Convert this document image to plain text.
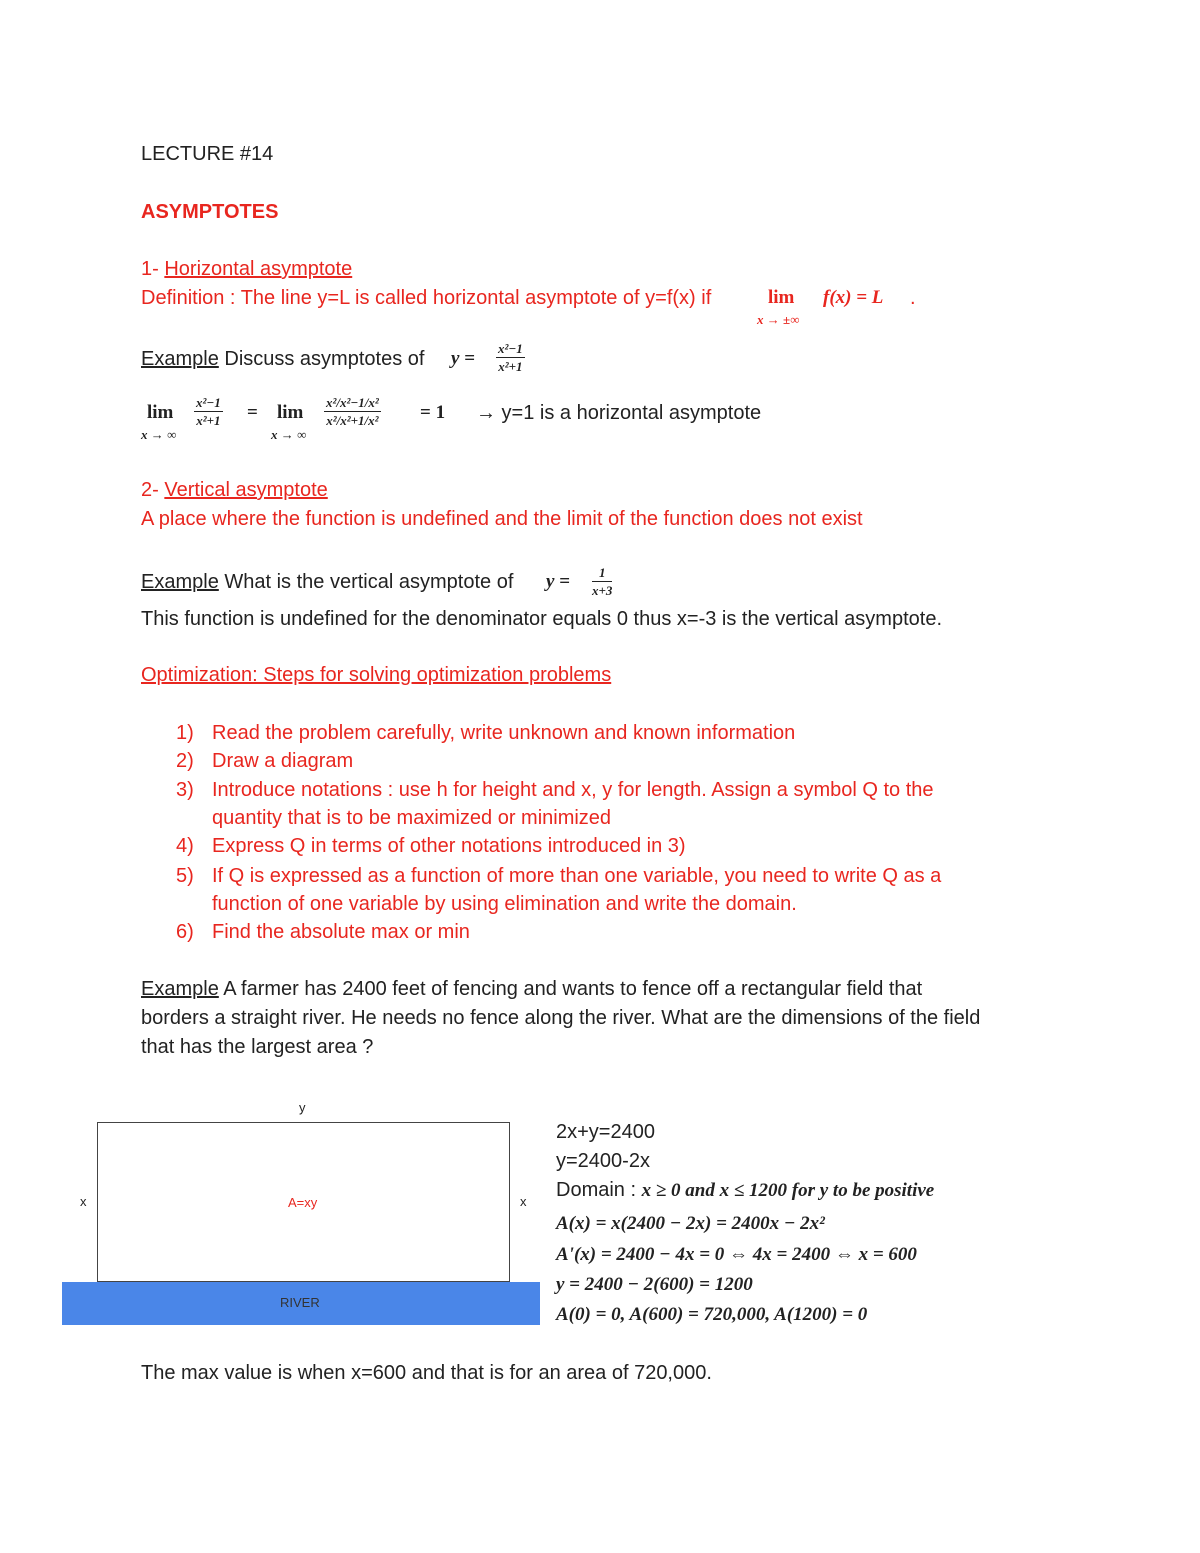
LECTURE #14
ASYMPTOTES
1- Horizontal asymptote
Definition : The line y=L is called horizontal asymptote of y=f(x) if	lim
x → ±∞
f(x) = L .
Example Discuss asymptotes of $y = \frac{\text{x²−1}}{\text{x²+1}}$
lim
x → ∞
$\frac{\text{x²−1}}{\text{x²+1}} = \lim$
x → ∞
$\frac{\text{x²/x²−1/x²}}{\text{x²/x²+1/x²}} = 1 \to y=1$ is a horizontal asymptote
2- Vertical asymptote
A place where the function is undefined and the limit of the function does not exist
Example What is the vertical asymptote of $y = \frac{1}{x+3}$
This function is undefined for the denominator equals 0 thus x=-3 is the vertical asymptote.
Optimization: Steps for solving optimization problems
1) Read the problem carefully, write unknown and known information
2) Draw a diagram
3) Introduce notations : use h for height and x, y for length. Assign a symbol Q to the
quantity that is to be maximized or minimized
4) Express Q in terms of other notations introduced in 3)
5) If Q is expressed as a function of more than one variable, you need to write Q as a
function of one variable by using elimination and write the domain.
6) Find the absolute max or min
Example A farmer has 2400 feet of fencing and wants to fence off a rectangular field that
borders a straight river. He needs no fence along the river. What are the dimensions of the field
that has the largest area ?
y
A=xy
x	x
RIVER
2x+y=2400
y=2400-2x
Domain : x ≥ 0 and x ≤ 1200 for y to be positive
A(x) = x(2400 − 2x) = 2400x − 2x²
A'(x) = 2400 − 4x = 0 ⇔ 4x = 2400 ⇔ x = 600
y = 2400 − 2(600) = 1200
A(0) = 0, A(600) = 720,000, A(1200) = 0
The max value is when x=600 and that is for an area of 720,000.
